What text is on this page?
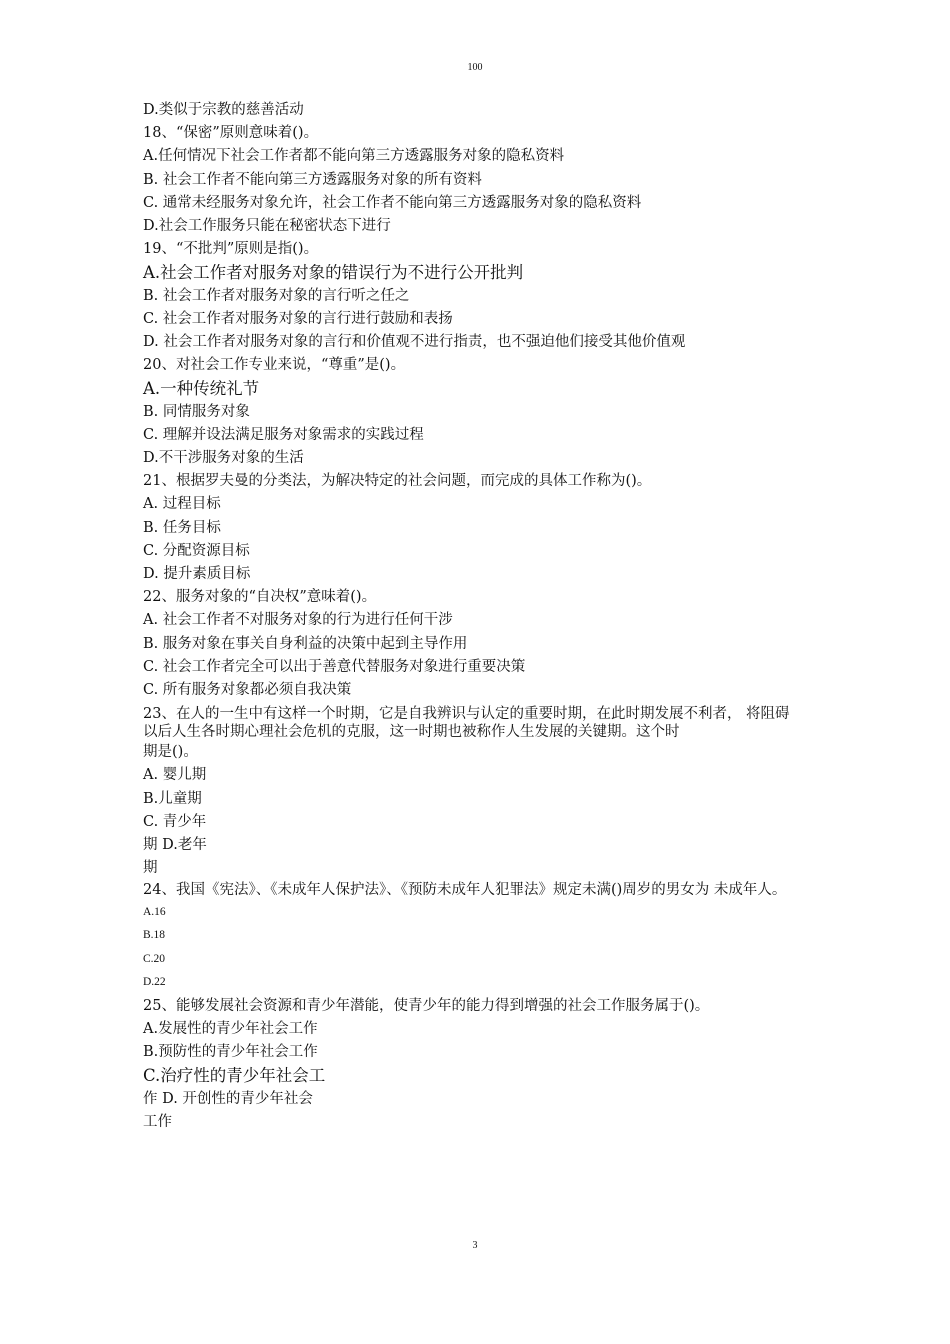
100
D.类似于宗教的慈善活动
18、“保密”原则意味着()。
A.任何情况下社会工作者都不能向第三方透露服务对象的隐私资料
B. 社会工作者不能向第三方透露服务对象的所有资料
C. 通常未经服务对象允许，社会工作者不能向第三方透露服务对象的隐私资料
D.社会工作服务只能在秘密状态下进行
19、“不批判”原则是指()。
A.社会工作者对服务对象的错误行为不进行公开批判
B. 社会工作者对服务对象的言行听之任之
C. 社会工作者对服务对象的言行进行鼓励和表扬
D. 社会工作者对服务对象的言行和价值观不进行指责，也不强迫他们接受其他价值观
20、对社会工作专业来说，“尊重”是()。
A.一种传统礼节
B. 同情服务对象
C. 理解并设法满足服务对象需求的实践过程
D.不干涉服务对象的生活
21、根据罗夫曼的分类法，为解决特定的社会问题，而完成的具体工作称为()。
A. 过程目标
B. 任务目标
C. 分配资源目标
D. 提升素质目标
22、服务对象的“自决权”意味着()。
A. 社会工作者不对服务对象的行为进行任何干涉
B. 服务对象在事关自身利益的决策中起到主导作用
C. 社会工作者完全可以出于善意代替服务对象进行重要决策
C. 所有服务对象都必须自我决策
23、在人的一生中有这样一个时期，它是自我辨识与认定的重要时期，在此时期发展不利者， 将阻碍以后人生各时期心理社会危机的克服，这一时期也被称作人生发展的关键期。这个时
期是()。
A. 婴儿期
B.儿童期
C. 青少年
期 D.老年
期
24、我国《宪法》、《未成年人保护法》、《预防未成年人犯罪法》规定未满()周岁的男女为 未成年人。
A.16
B.18
C.20
D.22
25、能够发展社会资源和青少年潜能，使青少年的能力得到增强的社会工作服务属于()。
A.发展性的青少年社会工作
B.预防性的青少年社会工作
C.治疗性的青少年社会工
作 D. 开创性的青少年社会
工作
3
